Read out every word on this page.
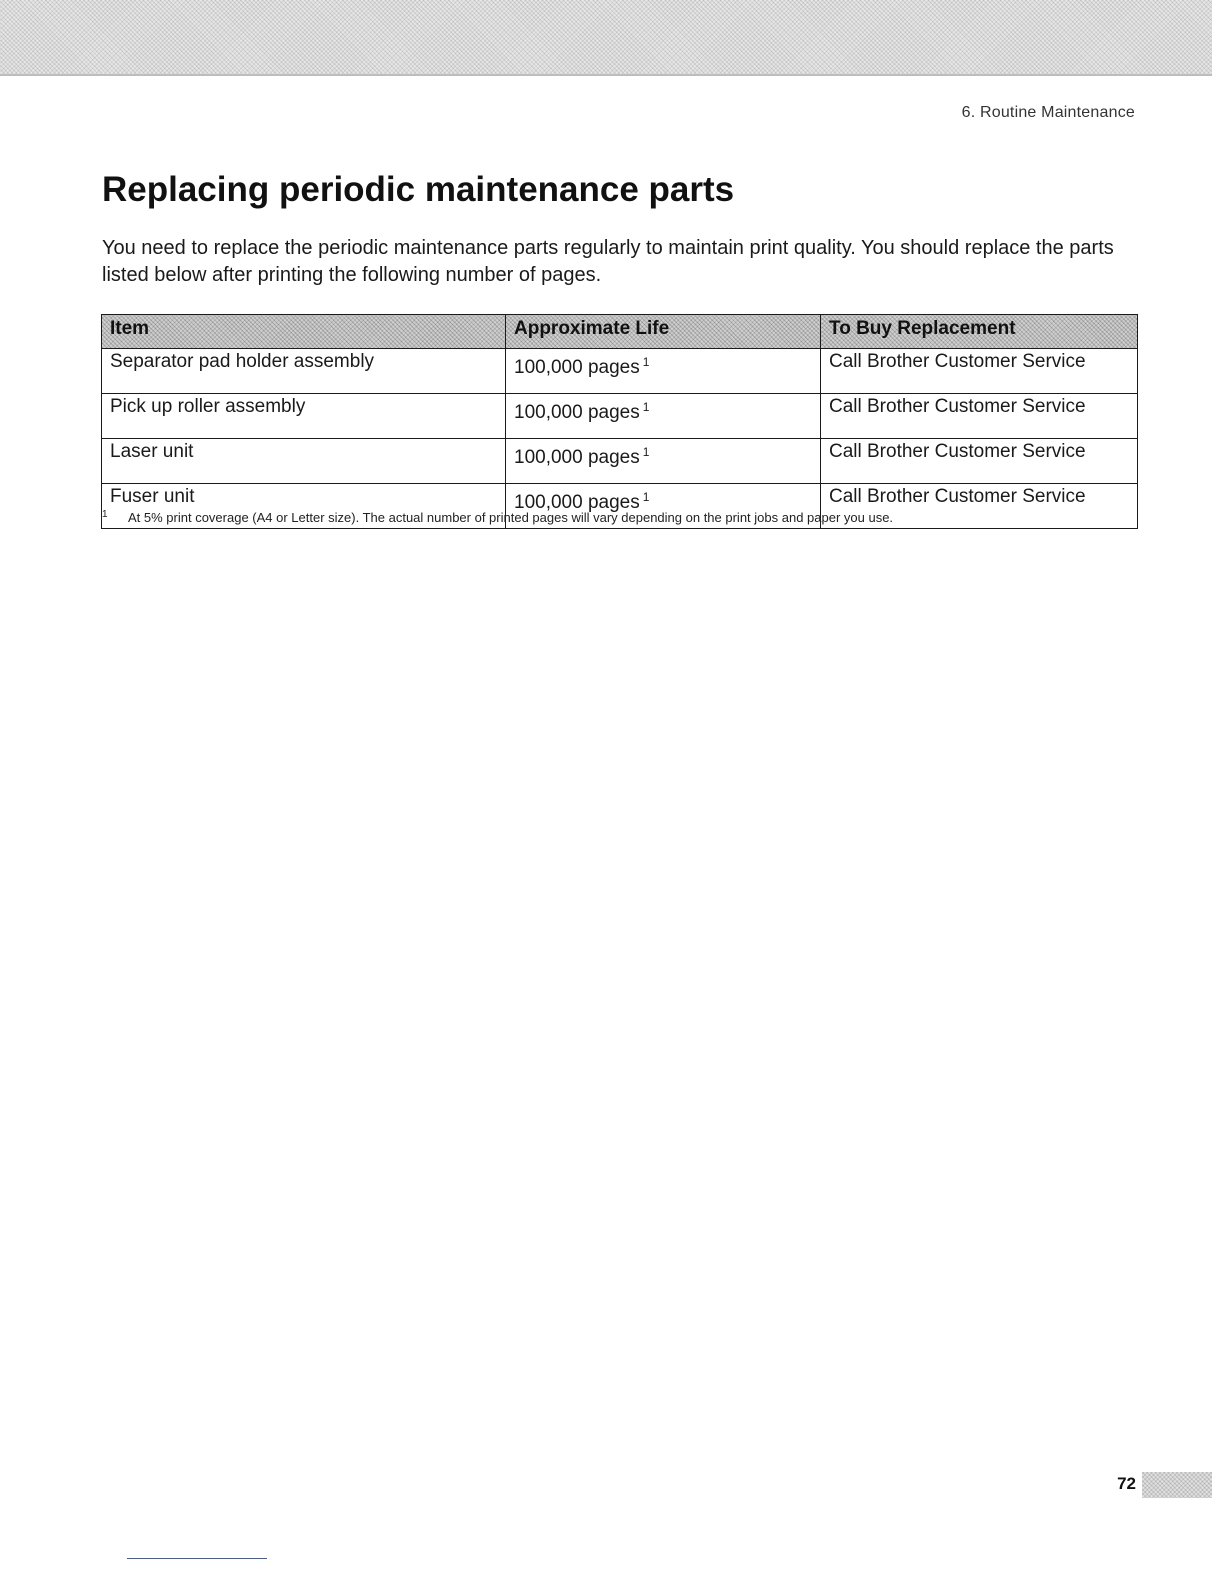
6. Routine Maintenance
Replacing periodic maintenance parts

You need to replace the periodic maintenance parts regularly to maintain print quality. You should replace the parts listed below after printing the following number of pages.

Item	Approximate Life	To Buy Replacement
Separator pad holder assembly	100,000 pages $^1$	Call Brother Customer Service
Pick up roller assembly	100,000 pages $^1$	Call Brother Customer Service
Laser unit	100,000 pages $^1$	Call Brother Customer Service
Fuser unit	100,000 pages $^1$	Call Brother Customer Service
1 At 5% print coverage (A4 or Letter size). The actual number of printed pages will vary depending on the print jobs and paper you use.
72
